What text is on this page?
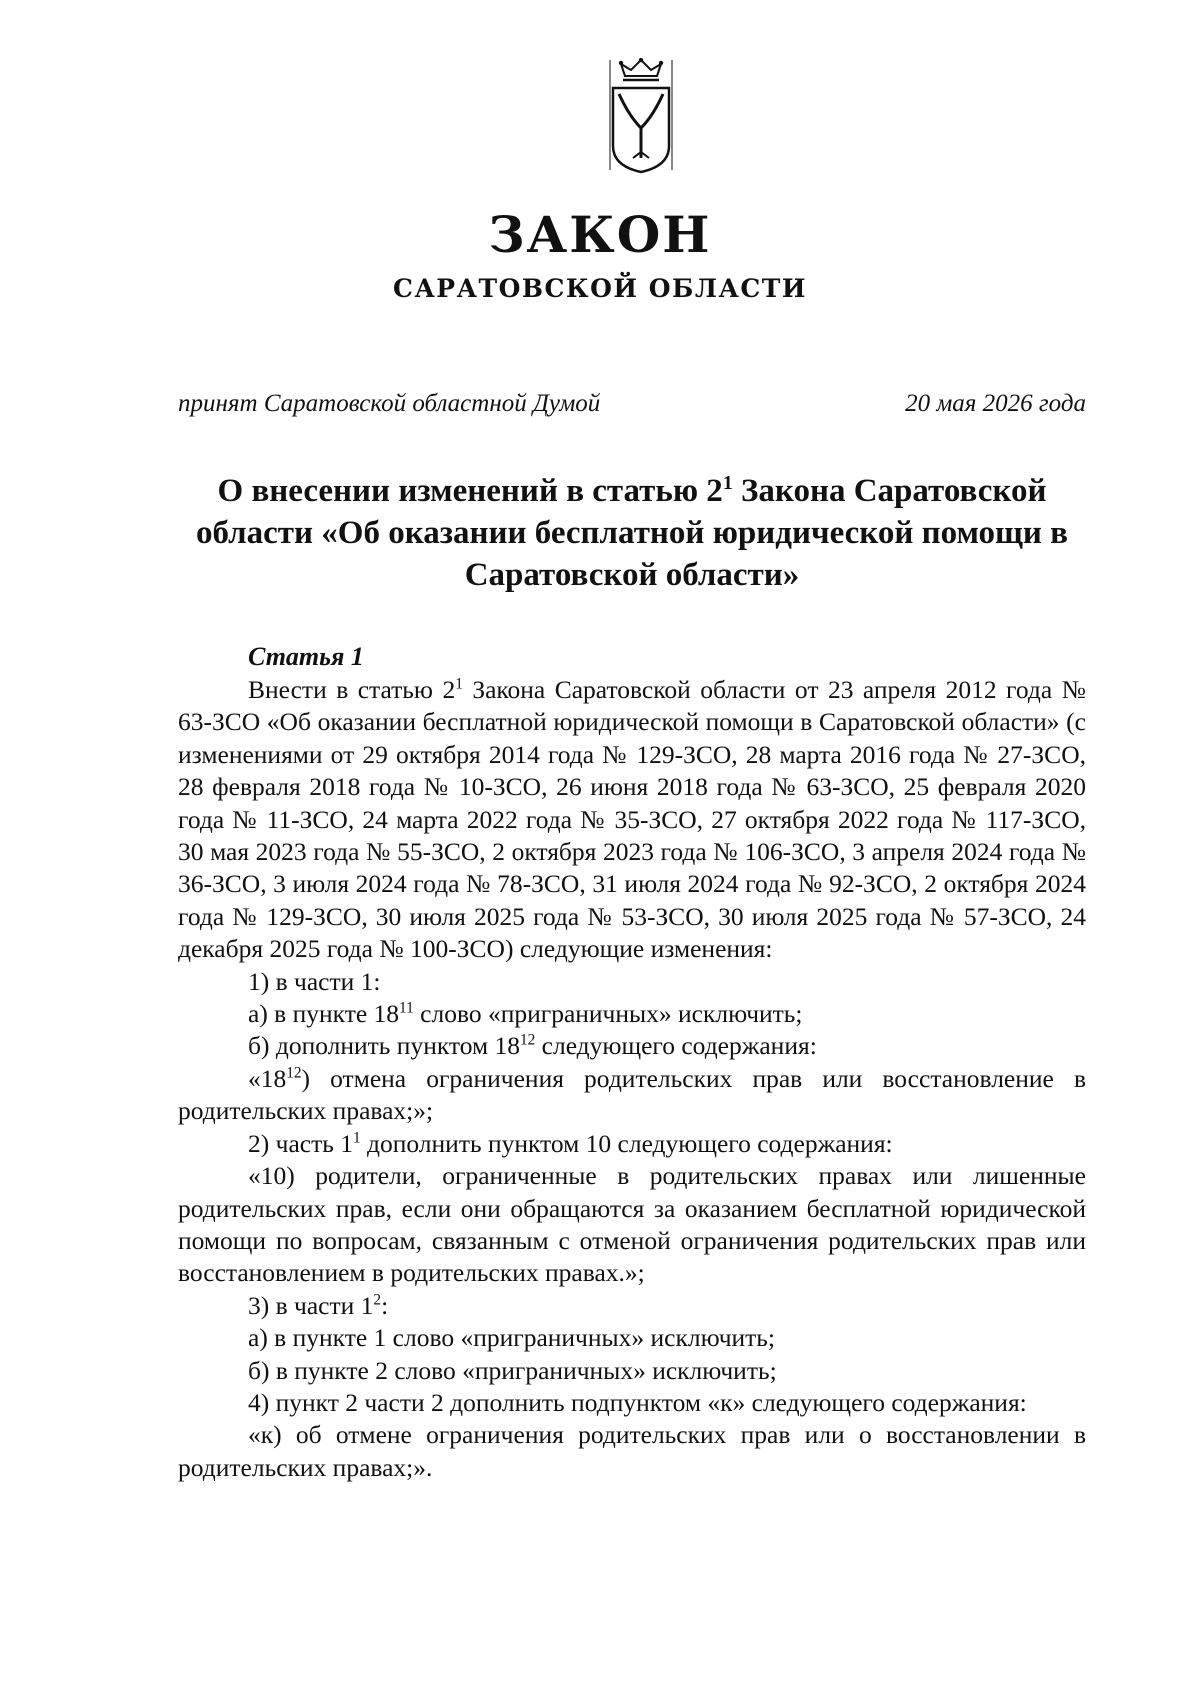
ЗАКОН
САРАТОВСКОЙ ОБЛАСТИ
принят Саратовской областной Думой	20 мая 2026 года
О внесении изменений в статью $2^1$ Закона Саратовской области «Об оказании бесплатной юридической помощи в Саратовской области»
Статья 1

Внести в статью $2^1$ Закона Саратовской области от 23 апреля 2012 года № 63-ЗСО «Об оказании бесплатной юридической помощи в Саратовской области» (с изменениями от 29 октября 2014 года № 129-ЗСО, 28 марта 2016 года № 27-ЗСО, 28 февраля 2018 года № 10-ЗСО, 26 июня 2018 года № 63-ЗСО, 25 февраля 2020 года № 11-ЗСО, 24 марта 2022 года № 35-ЗСО, 27 октября 2022 года № 117-ЗСО, 30 мая 2023 года № 55-ЗСО, 2 октября 2023 года № 106-ЗСО, 3 апреля 2024 года № 36-ЗСО, 3 июля 2024 года № 78-ЗСО, 31 июля 2024 года № 92-ЗСО, 2 октября 2024 года № 129-ЗСО, 30 июля 2025 года № 53-ЗСО, 30 июля 2025 года № 57-ЗСО, 24 декабря 2025 года № 100-ЗСО) следующие изменения:

1) в части 1:

а) в пункте $18^{11}$ слово «приграничных» исключить;

б) дополнить пунктом $18^{12}$ следующего содержания:

«$18^{12}$) отмена ограничения родительских прав или восстановление в родительских правах;»;

2) часть $1^1$ дополнить пунктом 10 следующего содержания:

«10) родители, ограниченные в родительских правах или лишенные родительских прав, если они обращаются за оказанием бесплатной юридической помощи по вопросам, связанным с отменой ограничения родительских прав или восстановлением в родительских правах.»;

3) в части $1^2$:

а) в пункте 1 слово «приграничных» исключить;

б) в пункте 2 слово «приграничных» исключить;

4) пункт 2 части 2 дополнить подпунктом «к» следующего содержания:

«к) об отмене ограничения родительских прав или о восстановлении в родительских правах;».
